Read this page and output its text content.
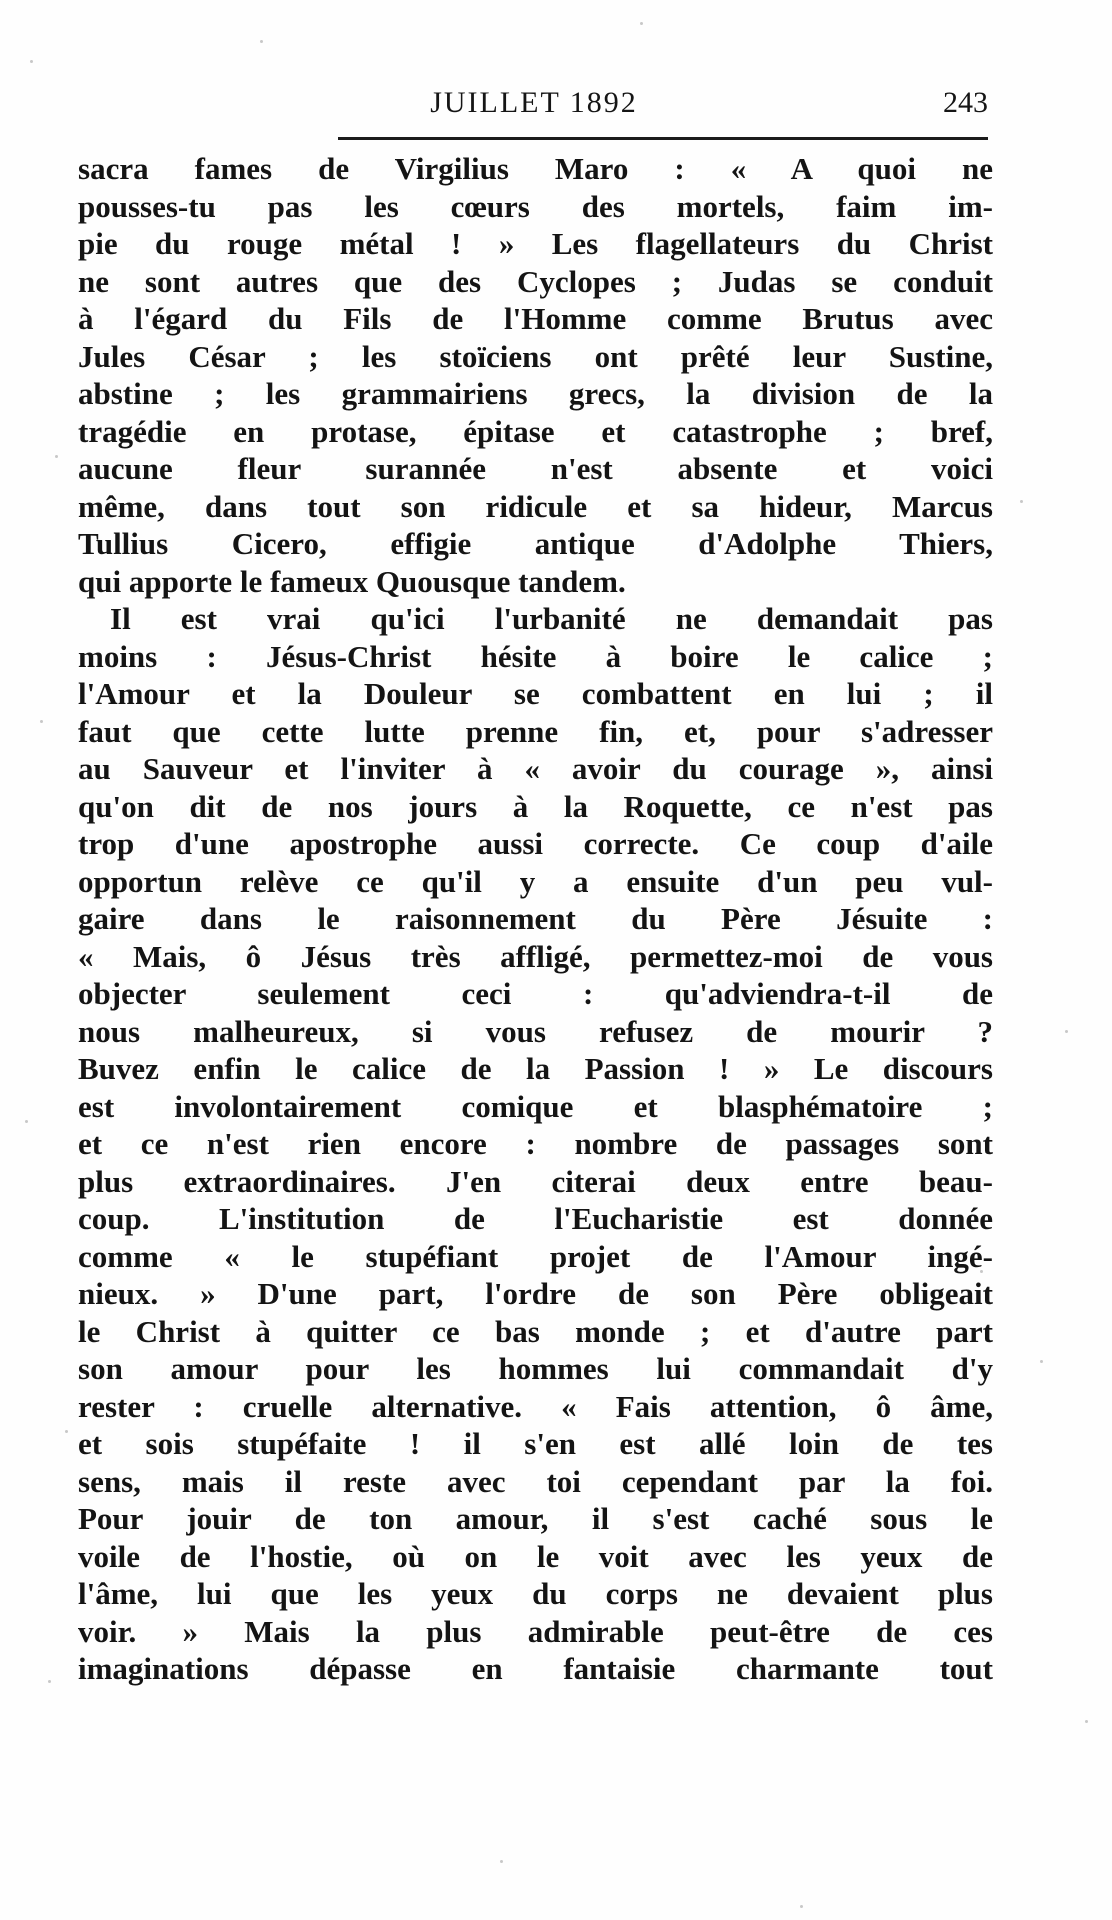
JUILLET 1892	243
sacra fames de Virgilius Maro : « A quoi ne
pousses-tu pas les cœurs des mortels, faim im-
pie du rouge métal ! » Les flagellateurs du Christ
ne sont autres que des Cyclopes ; Judas se conduit
à l'égard du Fils de l'Homme comme Brutus avec
Jules César ; les stoïciens ont prêté leur Sustine,
abstine ; les grammairiens grecs, la division de la
tragédie en protase, épitase et catastrophe ; bref,
aucune fleur surannée n'est absente et voici
même, dans tout son ridicule et sa hideur, Marcus
Tullius Cicero, effigie antique d'Adolphe Thiers,
qui apporte le fameux Quousque tandem.
Il est vrai qu'ici l'urbanité ne demandait pas
moins : Jésus-Christ hésite à boire le calice ;
l'Amour et la Douleur se combattent en lui ; il
faut que cette lutte prenne fin, et, pour s'adresser
au Sauveur et l'inviter à « avoir du courage », ainsi
qu'on dit de nos jours à la Roquette, ce n'est pas
trop d'une apostrophe aussi correcte. Ce coup d'aile
opportun relève ce qu'il y a ensuite d'un peu vul-
gaire dans le raisonnement du Père Jésuite :
« Mais, ô Jésus très affligé, permettez-moi de vous
objecter seulement ceci : qu'adviendra-t-il de
nous malheureux, si vous refusez de mourir ?
Buvez enfin le calice de la Passion ! » Le discours
est involontairement comique et blasphématoire ;
et ce n'est rien encore : nombre de passages sont
plus extraordinaires. J'en citerai deux entre beau-
coup. L'institution de l'Eucharistie est donnée
comme « le stupéfiant projet de l'Amour ingé-
nieux. » D'une part, l'ordre de son Père obligeait
le Christ à quitter ce bas monde ; et d'autre part
son amour pour les hommes lui commandait d'y
rester : cruelle alternative. « Fais attention, ô âme,
et sois stupéfaite ! il s'en est allé loin de tes
sens, mais il reste avec toi cependant par la foi.
Pour jouir de ton amour, il s'est caché sous le
voile de l'hostie, où on le voit avec les yeux de
l'âme, lui que les yeux du corps ne devaient plus
voir. » Mais la plus admirable peut-être de ces
imaginations dépasse en fantaisie charmante tout
